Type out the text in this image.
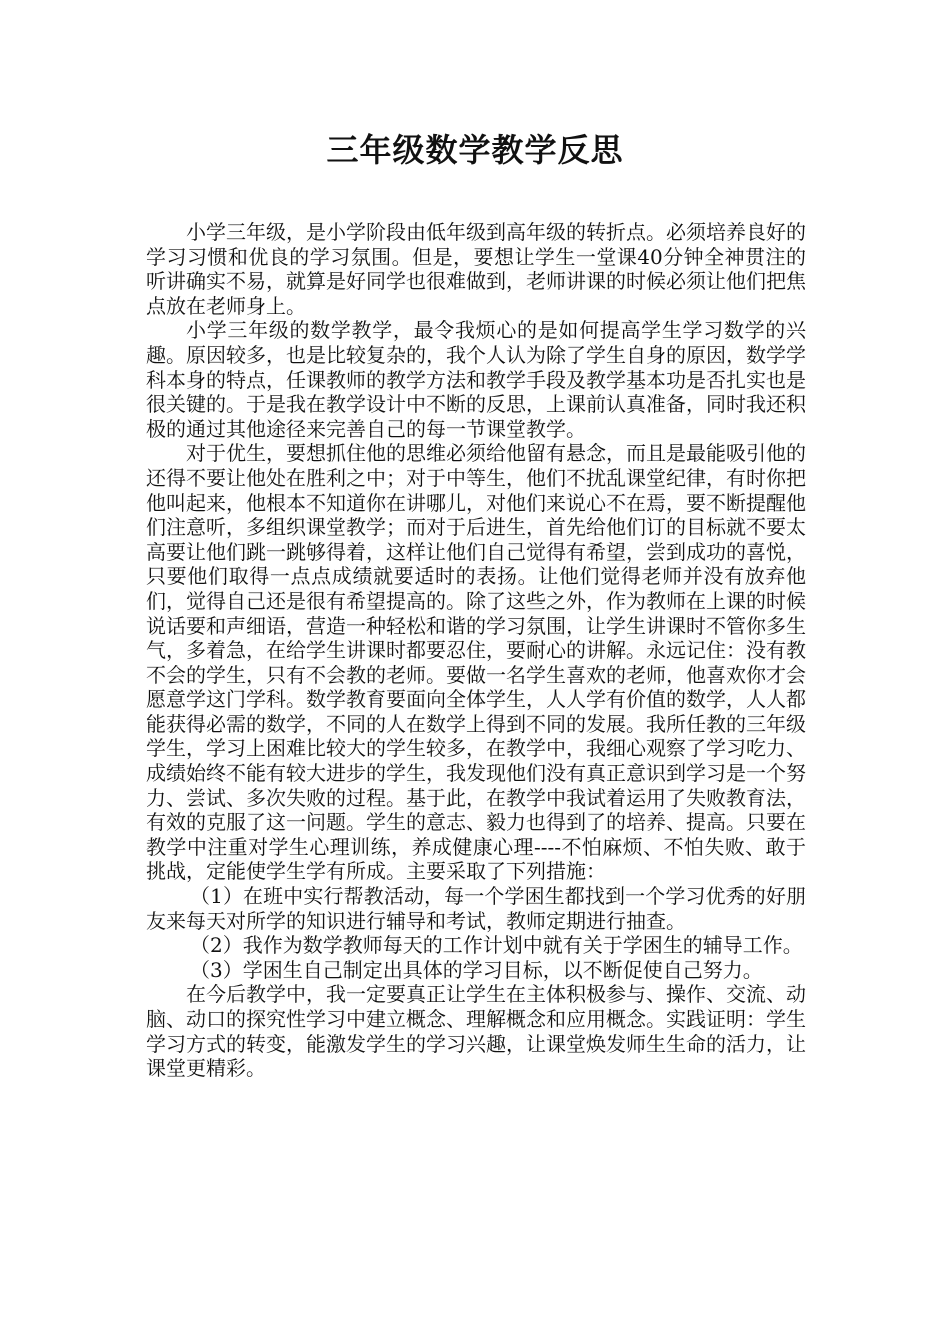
三年级数学教学反思

小学三年级，是小学阶段由低年级到高年级的转折点。必须培养良好的学习习惯和优良的学习氛围。但是，要想让学生一堂课40分钟全神贯注的听讲确实不易，就算是好同学也很难做到，老师讲课的时候必须让他们把焦点放在老师身上。

小学三年级的数学教学，最令我烦心的是如何提高学生学习数学的兴趣。原因较多，也是比较复杂的，我个人认为除了学生自身的原因，数学学科本身的特点，任课教师的教学方法和教学手段及教学基本功是否扎实也是很关键的。于是我在教学设计中不断的反思，上课前认真准备，同时我还积极的通过其他途径来完善自己的每一节课堂教学。

对于优生，要想抓住他的思维必须给他留有悬念，而且是最能吸引他的还得不要让他处在胜利之中；对于中等生，他们不扰乱课堂纪律，有时你把他叫起来，他根本不知道你在讲哪儿，对他们来说心不在焉，要不断提醒他们注意听，多组织课堂教学；而对于后进生，首先给他们订的目标就不要太高要让他们跳一跳够得着，这样让他们自己觉得有希望，尝到成功的喜悦，只要他们取得一点点成绩就要适时的表扬。让他们觉得老师并没有放弃他们，觉得自己还是很有希望提高的。除了这些之外，作为教师在上课的时候说话要和声细语，营造一种轻松和谐的学习氛围，让学生讲课时不管你多生气，多着急，在给学生讲课时都要忍住，要耐心的讲解。永远记住：没有教不会的学生，只有不会教的老师。要做一名学生喜欢的老师，他喜欢你才会愿意学这门学科。数学教育要面向全体学生，人人学有价值的数学，人人都能获得必需的数学，不同的人在数学上得到不同的发展。我所任教的三年级学生，学习上困难比较大的学生较多，在教学中，我细心观察了学习吃力、成绩始终不能有较大进步的学生，我发现他们没有真正意识到学习是一个努力、尝试、多次失败的过程。基于此，在教学中我试着运用了失败教育法，有效的克服了这一问题。学生的意志、毅力也得到了的培养、提高。只要在教学中注重对学生心理训练，养成健康心理----不怕麻烦、不怕失败、敢于挑战，定能使学生学有所成。主要采取了下列措施：

（1）在班中实行帮教活动，每一个学困生都找到一个学习优秀的好朋友来每天对所学的知识进行辅导和考试，教师定期进行抽查。

（2）我作为数学教师每天的工作计划中就有关于学困生的辅导工作。

（3）学困生自己制定出具体的学习目标，以不断促使自己努力。

在今后教学中，我一定要真正让学生在主体积极参与、操作、交流、动脑、动口的探究性学习中建立概念、理解概念和应用概念。实践证明：学生学习方式的转变，能激发学生的学习兴趣，让课堂焕发师生生命的活力，让课堂更精彩。
